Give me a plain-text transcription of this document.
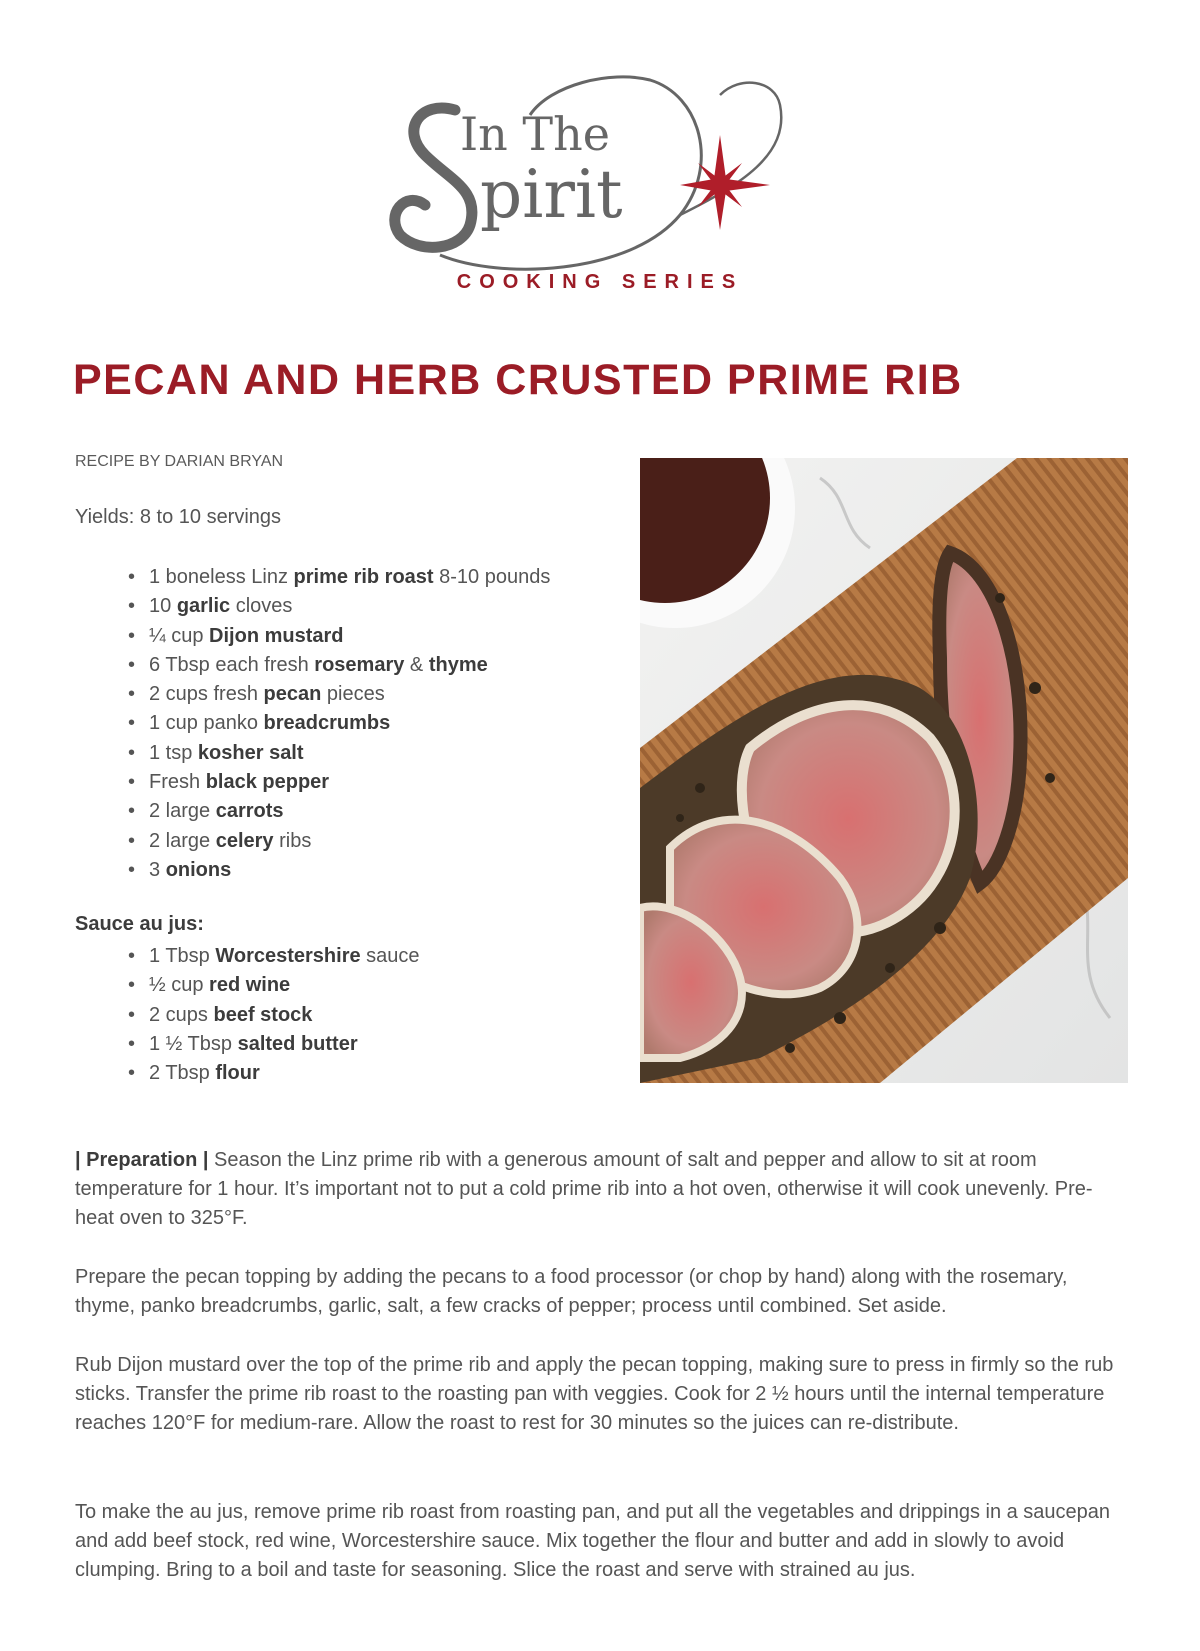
In The
pirit
COOKING SERIES
PECAN AND HERB CRUSTED PRIME RIB
RECIPE BY DARIAN BRYAN
Yields: 8 to 10 servings
• 1 boneless Linz prime rib roast 8-10 pounds
• 10 garlic cloves
• ¼ cup Dijon mustard
• 6 Tbsp each fresh rosemary & thyme
• 2 cups fresh pecan pieces
• 1 cup panko breadcrumbs
• 1 tsp kosher salt
• Fresh black pepper
• 2 large carrots
• 2 large celery ribs
• 3 onions
Sauce au jus:
• 1 Tbsp Worcestershire sauce
• ½ cup red wine
• 2 cups beef stock
• 1 ½ Tbsp salted butter
• 2 Tbsp flour

| Preparation | Season the Linz prime rib with a generous amount of salt and pepper and allow to sit at room temperature for 1 hour. It’s important not to put a cold prime rib into a hot oven, otherwise it will cook unevenly. Pre-heat oven to 325°F.

Prepare the pecan topping by adding the pecans to a food processor (or chop by hand) along with the rosemary, thyme, panko breadcrumbs, garlic, salt, a few cracks of pepper; process until combined. Set aside.

Rub Dijon mustard over the top of the prime rib and apply the pecan topping, making sure to press in firmly so the rub sticks. Transfer the prime rib roast to the roasting pan with veggies. Cook for 2 ½ hours until the internal temperature reaches 120°F for medium-rare. Allow the roast to rest for 30 minutes so the juices can re-distribute.

To make the au jus, remove prime rib roast from roasting pan, and put all the vegetables and drippings in a saucepan and add beef stock, red wine, Worcestershire sauce. Mix together the flour and butter and add in slowly to avoid clumping. Bring to a boil and taste for seasoning. Slice the roast and serve with strained au jus.
